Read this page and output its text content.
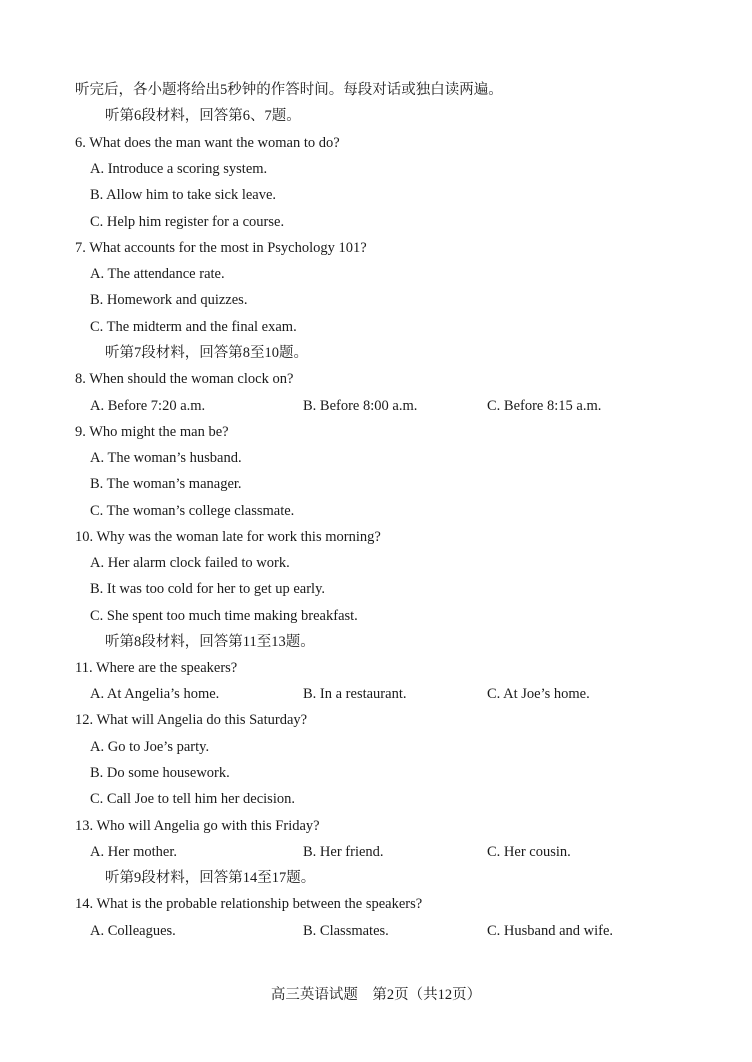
听完后，各小题将给出5秒钟的作答时间。每段对话或独白读两遍。
听第6段材料，回答第6、7题。
6. What does the man want the woman to do?
A. Introduce a scoring system.
B. Allow him to take sick leave.
C. Help him register for a course.
7. What accounts for the most in Psychology 101?
A. The attendance rate.
B. Homework and quizzes.
C. The midterm and the final exam.
听第7段材料，回答第8至10题。
8. When should the woman clock on?
A. Before 7:20 a.m.	B. Before 8:00 a.m.	C. Before 8:15 a.m.
9. Who might the man be?
A. The woman’s husband.
B. The woman’s manager.
C. The woman’s college classmate.
10. Why was the woman late for work this morning?
A. Her alarm clock failed to work.
B. It was too cold for her to get up early.
C. She spent too much time making breakfast.
听第8段材料，回答第11至13题。
11. Where are the speakers?
A. At Angelia’s home.	B. In a restaurant.	C. At Joe’s home.
12. What will Angelia do this Saturday?
A. Go to Joe’s party.
B. Do some housework.
C. Call Joe to tell him her decision.
13. Who will Angelia go with this Friday?
A. Her mother.	B. Her friend.	C. Her cousin.
听第9段材料，回答第14至17题。
14. What is the probable relationship between the speakers?
A. Colleagues.	B. Classmates.	C. Husband and wife.
高三英语试题　第2页（共12页）
